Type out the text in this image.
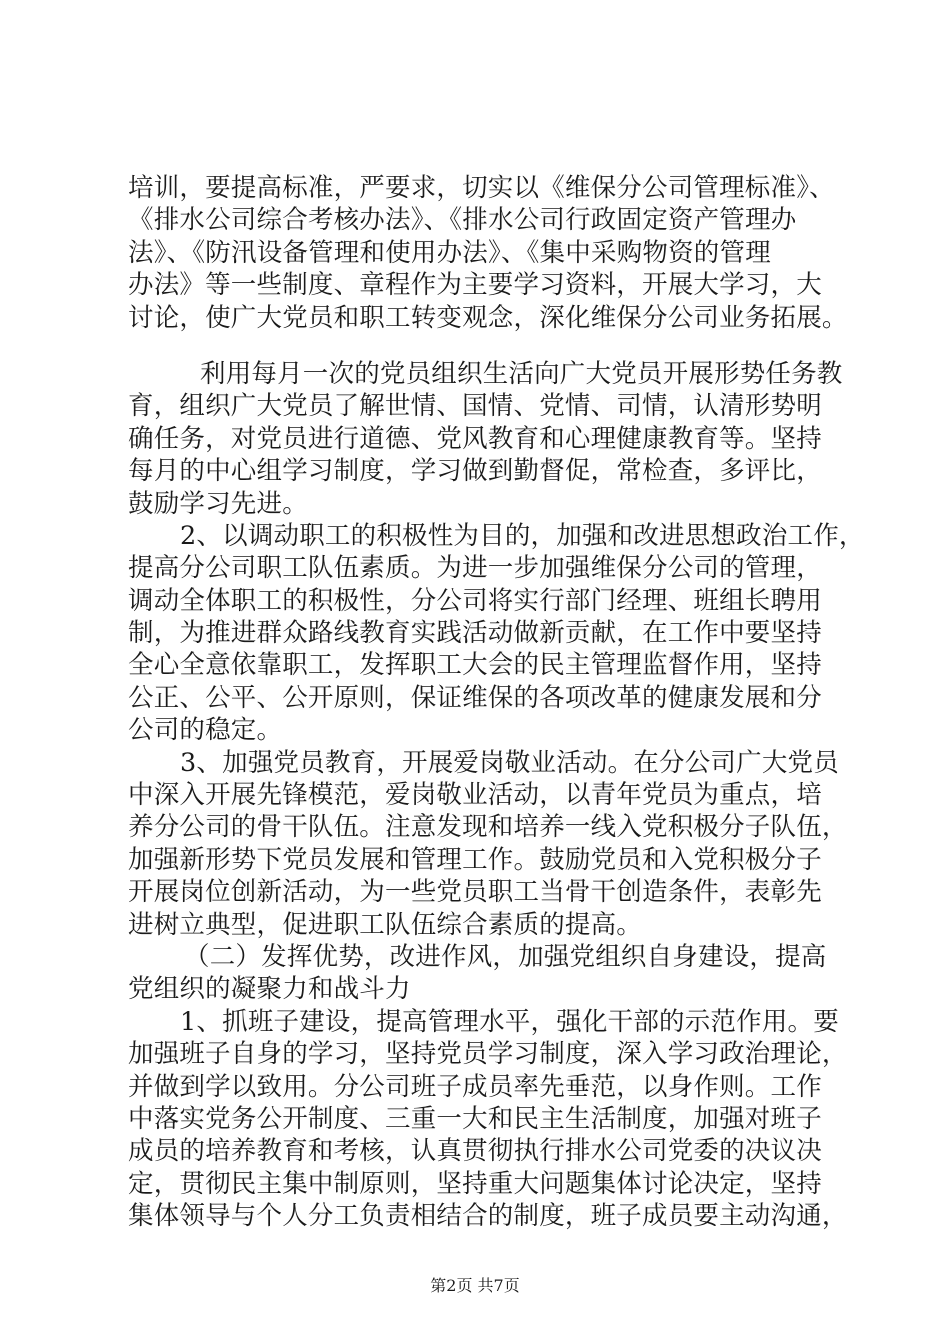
培训，要提高标准，严要求，切实以《维保分公司管理标准》、
《排水公司综合考核办法》、《排水公司行政固定资产管理办
法》、《防汛设备管理和使用办法》、《集中采购物资的管理
办法》等一些制度、章程作为主要学习资料，开展大学习，大
讨论，使广大党员和职工转变观念，深化维保分公司业务拓展。
利用每月一次的党员组织生活向广大党员开展形势任务教
育，组织广大党员了解世情、国情、党情、司情，认清形势明
确任务，对党员进行道德、党风教育和心理健康教育等。坚持
每月的中心组学习制度，学习做到勤督促，常检查，多评比，
鼓励学习先进。
2、以调动职工的积极性为目的，加强和改进思想政治工作，
提高分公司职工队伍素质。为进一步加强维保分公司的管理，
调动全体职工的积极性，分公司将实行部门经理、班组长聘用
制，为推进群众路线教育实践活动做新贡献，在工作中要坚持
全心全意依靠职工，发挥职工大会的民主管理监督作用，坚持
公正、公平、公开原则，保证维保的各项改革的健康发展和分
公司的稳定。
3、加强党员教育，开展爱岗敬业活动。在分公司广大党员
中深入开展先锋模范，爱岗敬业活动，以青年党员为重点，培
养分公司的骨干队伍。注意发现和培养一线入党积极分子队伍，
加强新形势下党员发展和管理工作。鼓励党员和入党积极分子
开展岗位创新活动，为一些党员职工当骨干创造条件，表彰先
进树立典型，促进职工队伍综合素质的提高。
（二）发挥优势，改进作风，加强党组织自身建设，提高
党组织的凝聚力和战斗力
1、抓班子建设，提高管理水平，强化干部的示范作用。要
加强班子自身的学习，坚持党员学习制度，深入学习政治理论，
并做到学以致用。分公司班子成员率先垂范，以身作则。工作
中落实党务公开制度、三重一大和民主生活制度，加强对班子
成员的培养教育和考核，认真贯彻执行排水公司党委的决议决
定，贯彻民主集中制原则，坚持重大问题集体讨论决定，坚持
集体领导与个人分工负责相结合的制度，班子成员要主动沟通，
第2页 共7页
